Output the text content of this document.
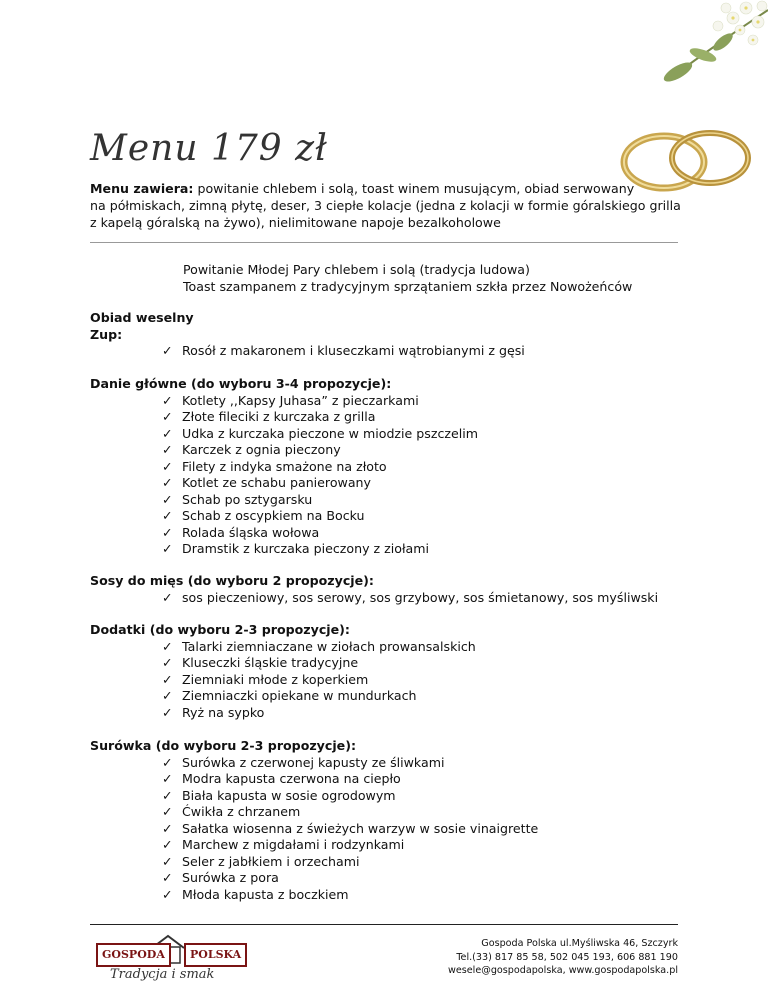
Menu 179 zł
Menu zawiera: powitanie chlebem i solą, toast winem musującym, obiad serwowany
na półmiskach, zimną płytę, deser, 3 ciepłe kolacje (jedna z kolacji w formie góralskiego grilla
z kapelą góralską na żywo), nielimitowane napoje bezalkoholowe
Powitanie Młodej Pary chlebem i solą (tradycja ludowa)
Toast szampanem z tradycyjnym sprzątaniem szkła przez Nowożeńców
Obiad weselny
Zup:
✓ Rosół z makaronem i kluseczkami wątrobianymi z gęsi
Danie główne (do wyboru 3-4 propozycje):
✓ Kotlety ,,Kapsy Juhasa” z pieczarkami
✓ Złote fileciki z kurczaka z grilla
✓ Udka z kurczaka pieczone w miodzie pszczelim
✓ Karczek z ognia pieczony
✓ Filety z indyka smażone na złoto
✓ Kotlet ze schabu panierowany
✓ Schab po sztygarsku
✓ Schab z oscypkiem na Bocku
✓ Rolada śląska wołowa
✓ Dramstik z kurczaka pieczony z ziołami
Sosy do mięs (do wyboru 2 propozycje):
✓ sos pieczeniowy, sos serowy, sos grzybowy, sos śmietanowy, sos myśliwski
Dodatki (do wyboru 2-3 propozycje):
✓ Talarki ziemniaczane w ziołach prowansalskich
✓ Kluseczki śląskie tradycyjne
✓ Ziemniaki młode z koperkiem
✓ Ziemniaczki opiekane w mundurkach
✓ Ryż na sypko
Surówka (do wyboru 2-3 propozycje):
✓ Surówka z czerwonej kapusty ze śliwkami
✓ Modra kapusta czerwona na ciepło
✓ Biała kapusta w sosie ogrodowym
✓ Ćwikła z chrzanem
✓ Sałatka wiosenna z świeżych warzyw w sosie vinaigrette
✓ Marchew z migdałami i rodzynkami
✓ Seler z jabłkiem i orzechami
✓ Surówka z pora
✓ Młoda kapusta z boczkiem
GOSPODA	POLSKA
Tradycja i smak
Gospoda Polska ul.Myśliwska 46, Szczyrk
Tel.(33) 817 85 58, 502 045 193, 606 881 190
wesele@gospodapolska, www.gospodapolska.pl
